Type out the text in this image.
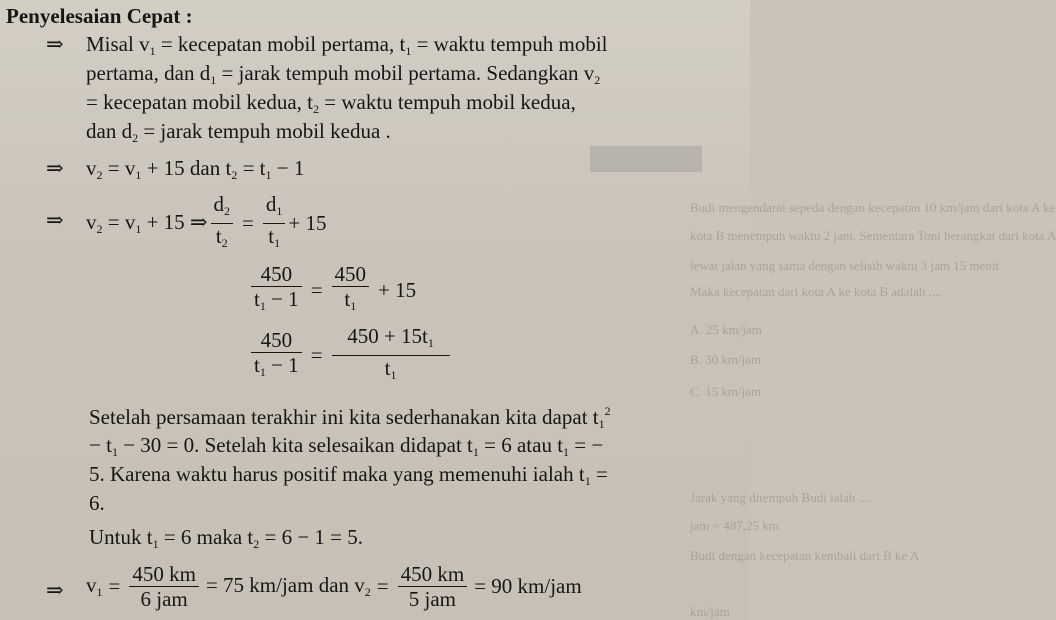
Budi mengendarai sepeda dengan kecepatan 10 km/jam dari kota A ke
kota B menempuh waktu 2 jam. Sementara Toni berangkat dari kota A
lewat jalan yang sama dengan selisih waktu 3 jam 15 menit
Maka kecepatan dari kota A ke kota B adalah ....
A. 25 km/jam
B. 30 km/jam
C. 15 km/jam
Jarak yang ditempuh Budi ialah ....
jam = 487,25 km
Budi dengan kecepatan kembali dari B ke A
km/jam
Penyelesaian Cepat :
⇒ Misal $v_1$ = kecepatan mobil pertama, $t_1$ = waktu tempuh mobil
pertama, dan $d_1$ = jarak tempuh mobil pertama. Sedangkan $v_2$
= kecepatan mobil kedua, $t_2$ = waktu tempuh mobil kedua,
dan $d_2$ = jarak tempuh mobil kedua .
⇒ $v_2 = v_1 + 15$ dan $t_2 = t_1 - 1$
⇒ $v_2 = v_1 + 15$ ⇒ $\frac{d_2}{t_2} = \frac{d_1}{t_1} + 15$
$\frac{450}{t_1 - 1} = \frac{450}{t_1} + 15$
$\frac{450}{t_1 - 1} = \frac{450 + 15t_1}{t_1}$
Setelah persamaan terakhir ini kita sederhanakan kita dapat $t_1^2$
− $t_1 - 30 = 0$. Setelah kita selesaikan didapat $t_1 = 6$ atau $t_1$ = −
5. Karena waktu harus positif maka yang memenuhi ialah $t_1$ =
6.
Untuk $t_1 = 6$ maka $t_2 = 6 - 1 = 5$.
⇒ $v_1 = \frac{450 km}{\text{6 jam}} = 75$ km/jam dan $v_2 = \frac{450 km}{\text{5 jam}} = 90$ km/jam
